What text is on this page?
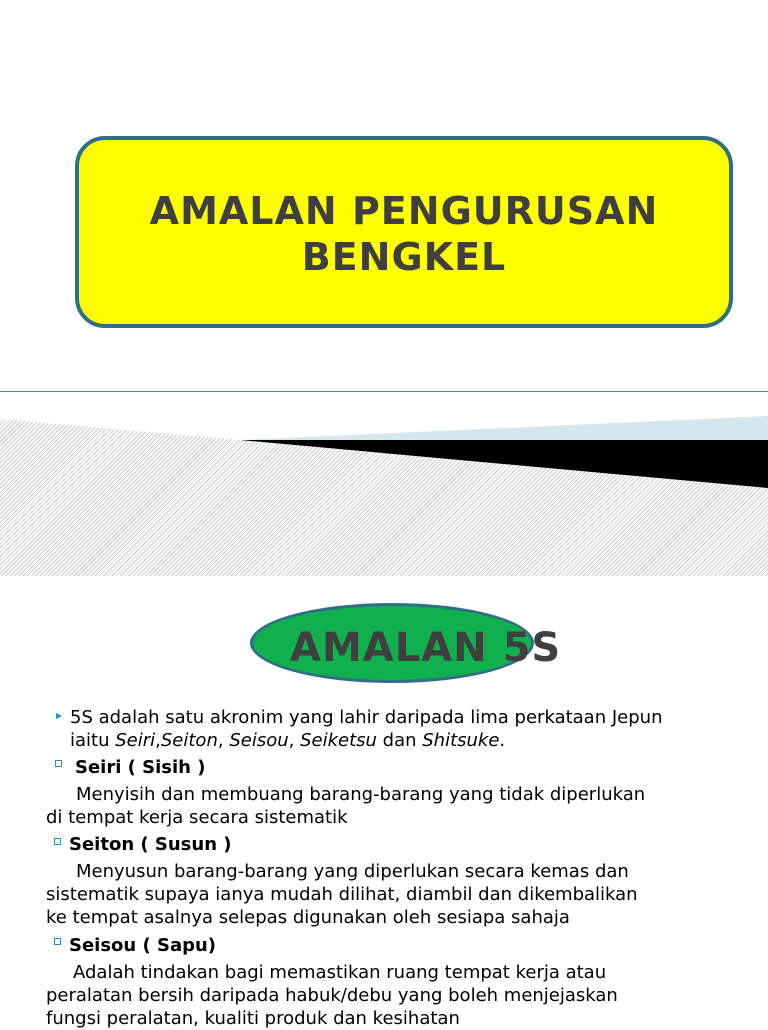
AMALAN PENGURUSAN
BENGKEL
AMALAN 5S
5S adalah satu akronim yang lahir daripada lima perkataan Jepun
iaitu Seiri,Seiton, Seisou, Seiketsu dan Shitsuke.
Seiri ( Sisih )
Menyisih dan membuang barang-barang yang tidak diperlukan
di tempat kerja secara sistematik
Seiton ( Susun )
Menyusun barang-barang yang diperlukan secara kemas dan
sistematik supaya ianya mudah dilihat, diambil dan dikembalikan
ke tempat asalnya selepas digunakan oleh sesiapa sahaja
Seisou ( Sapu)
Adalah tindakan bagi memastikan ruang tempat kerja atau
peralatan bersih daripada habuk/debu yang boleh menjejaskan
fungsi peralatan, kualiti produk dan kesihatan
